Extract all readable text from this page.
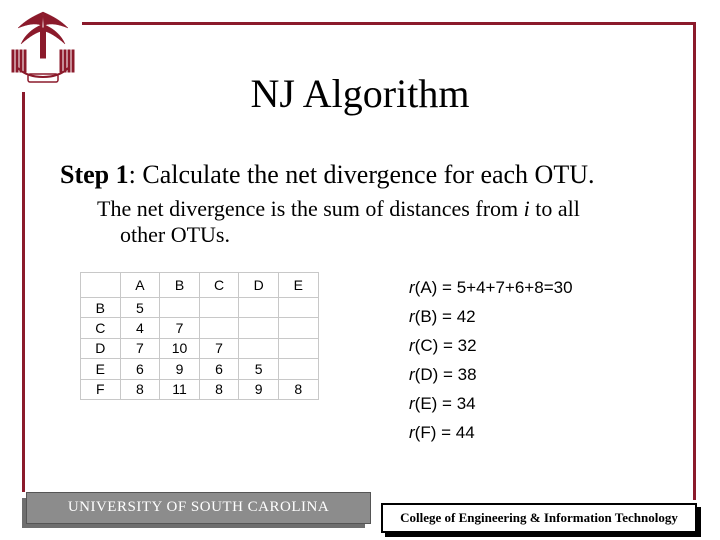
NJ Algorithm
Step 1: Calculate the net divergence for each OTU.
The net divergence is the sum of distances from i to all
other OTUs.
	A	B	C	D	E
B	5				
C	4	7			
D	7	10	7		
E	6	9	6	5	
F	8	11	8	9	8
r(A) = 5+4+7+6+8=30
r(B) = 42
r(C) = 32
r(D) = 38
r(E) = 34
r(F) = 44
UNIVERSITY OF SOUTH CAROLINA
College of Engineering & Information Technology
